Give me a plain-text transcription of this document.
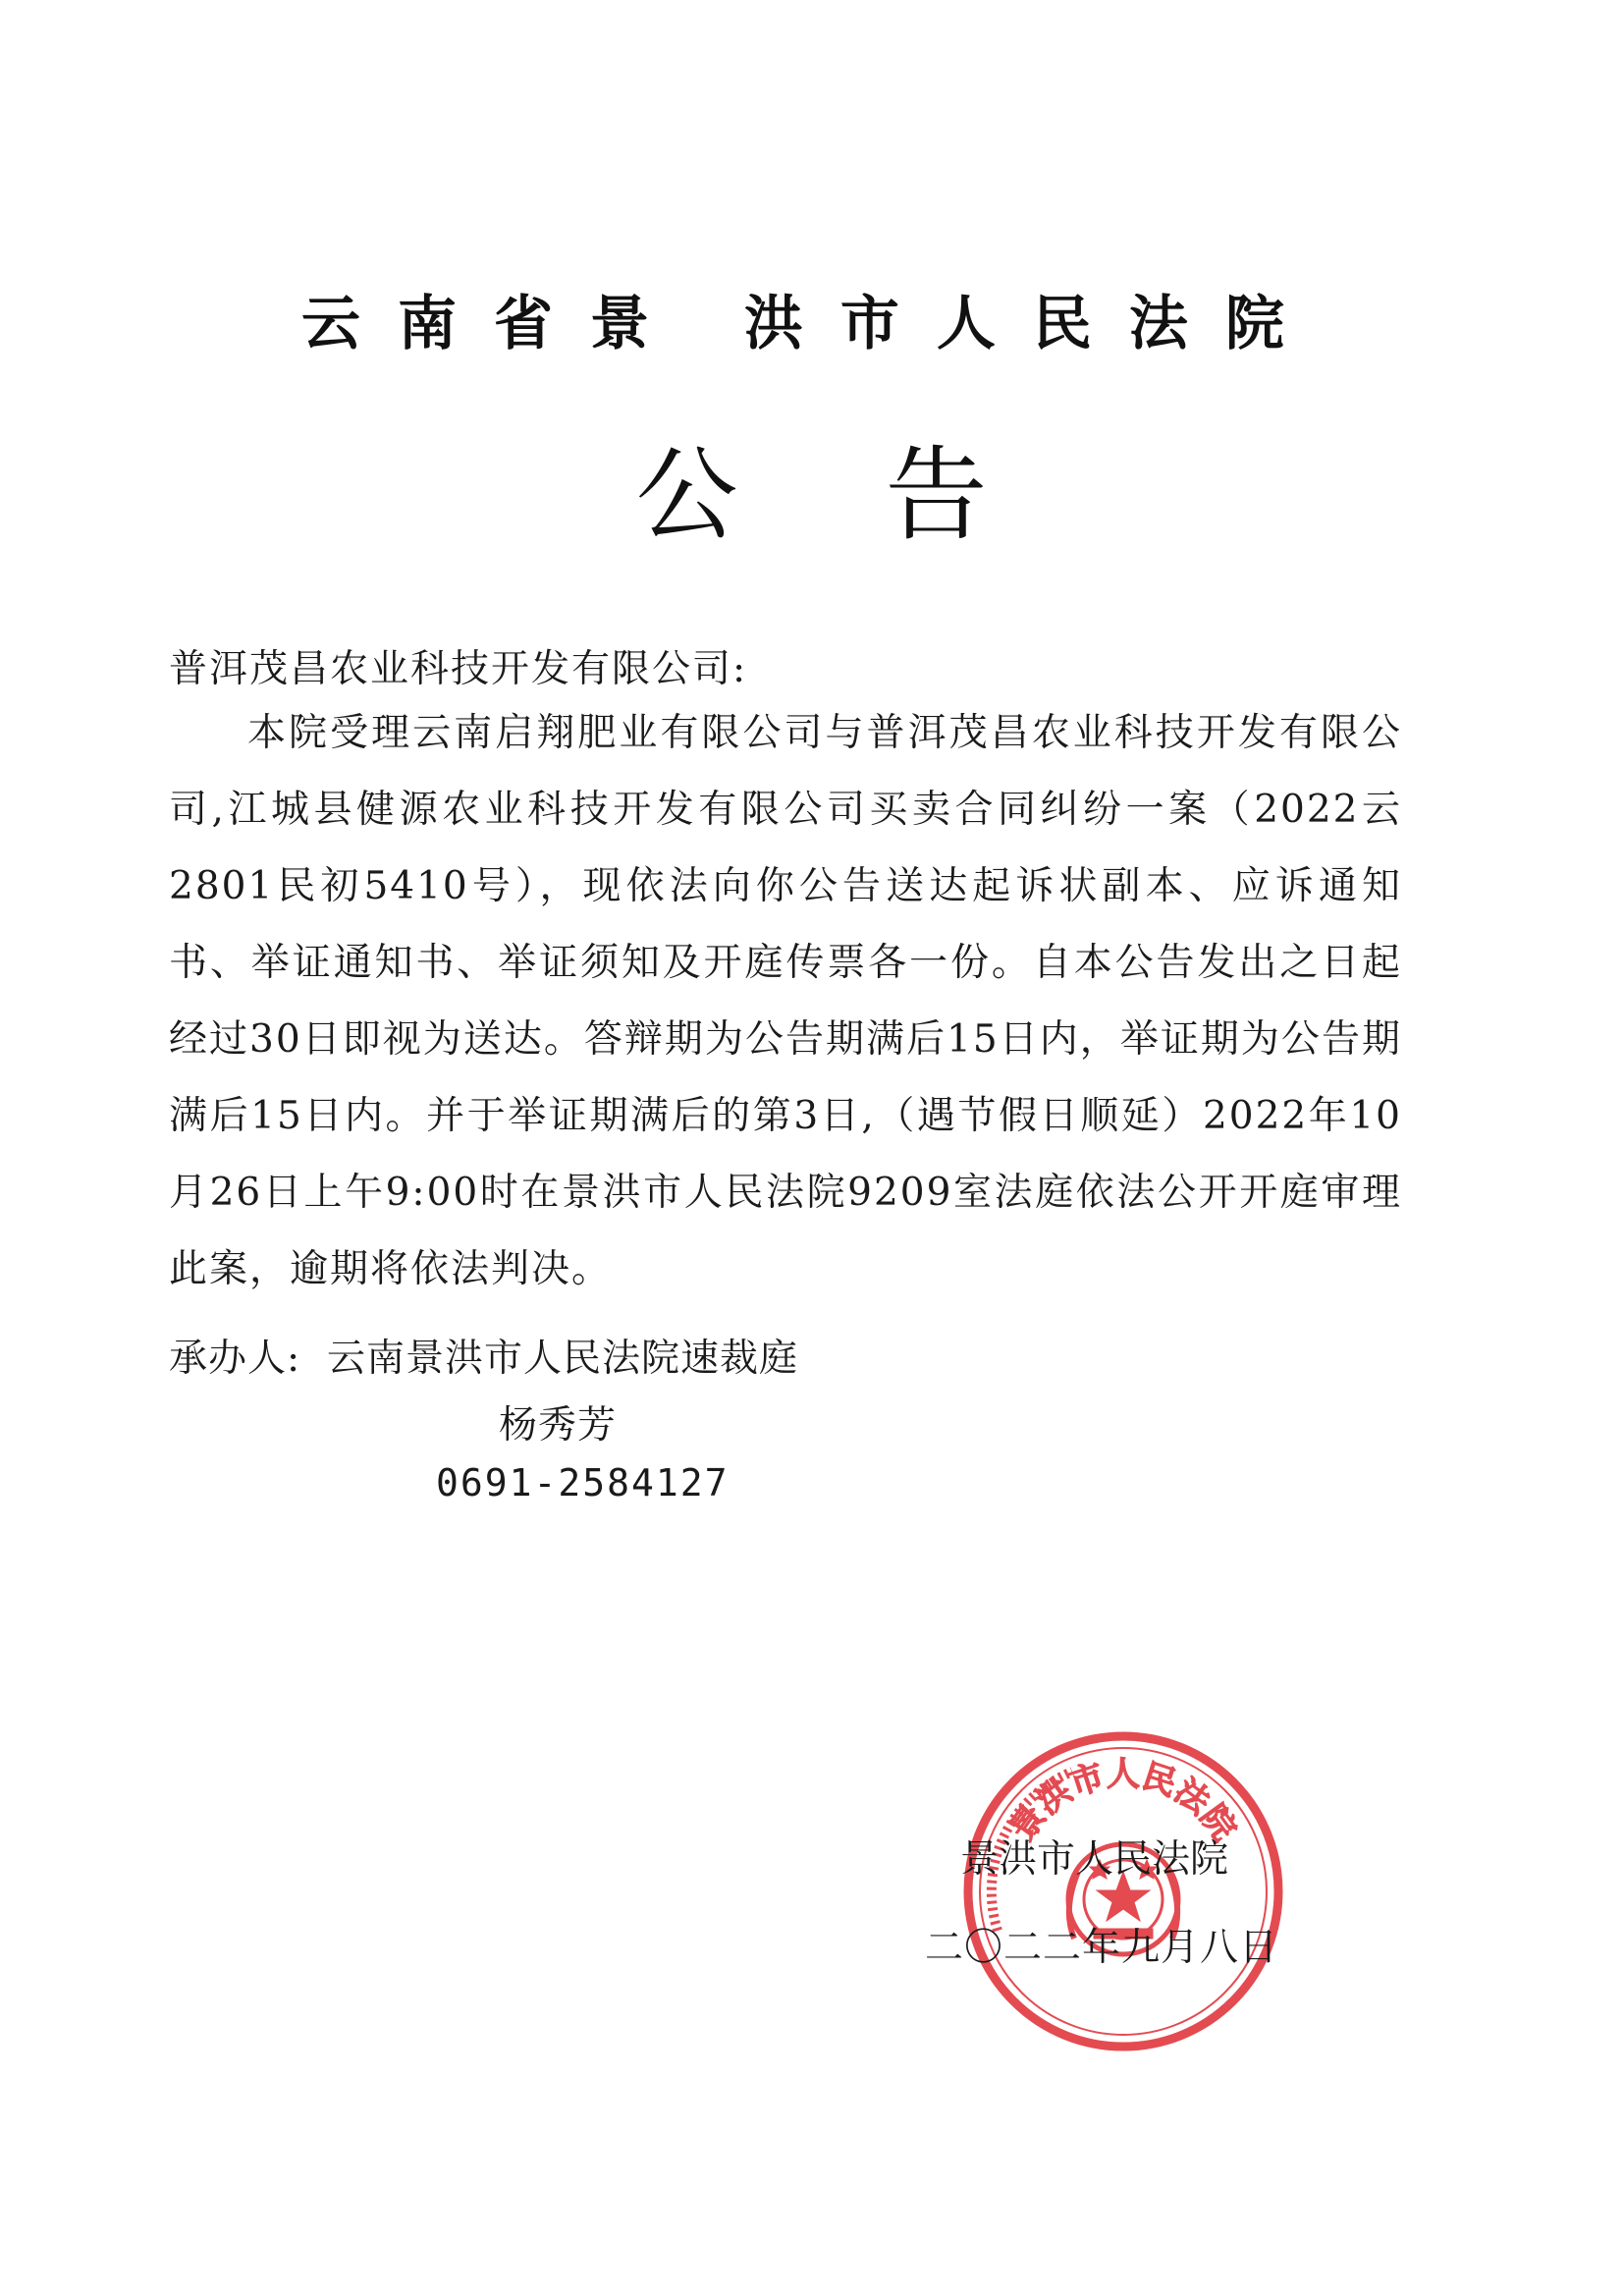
云南省景 洪市人民法院
公告
普洱茂昌农业科技开发有限公司:

本院受理云南启翔肥业有限公司与普洱茂昌农业科技开发有限公司,江城县健源农业科技开发有限公司买卖合同纠纷一案（2022云2801民初5410号），现依法向你公告送达起诉状副本、应诉通知书、举证通知书、举证须知及开庭传票各一份。自本公告发出之日起经过30日即视为送达。答辩期为公告期满后15日内，举证期为公告期满后15日内。并于举证期满后的第3日,（遇节假日顺延）2022年10月26日上午9:00时在景洪市人民法院9209室法庭依法公开开庭审理此案，逾期将依法判决。

承办人: 云南景洪市人民法院速裁庭
杨秀芳
0691-2584127
景洪市人民法院
景洪市人民法院
二〇二二年九月八日
